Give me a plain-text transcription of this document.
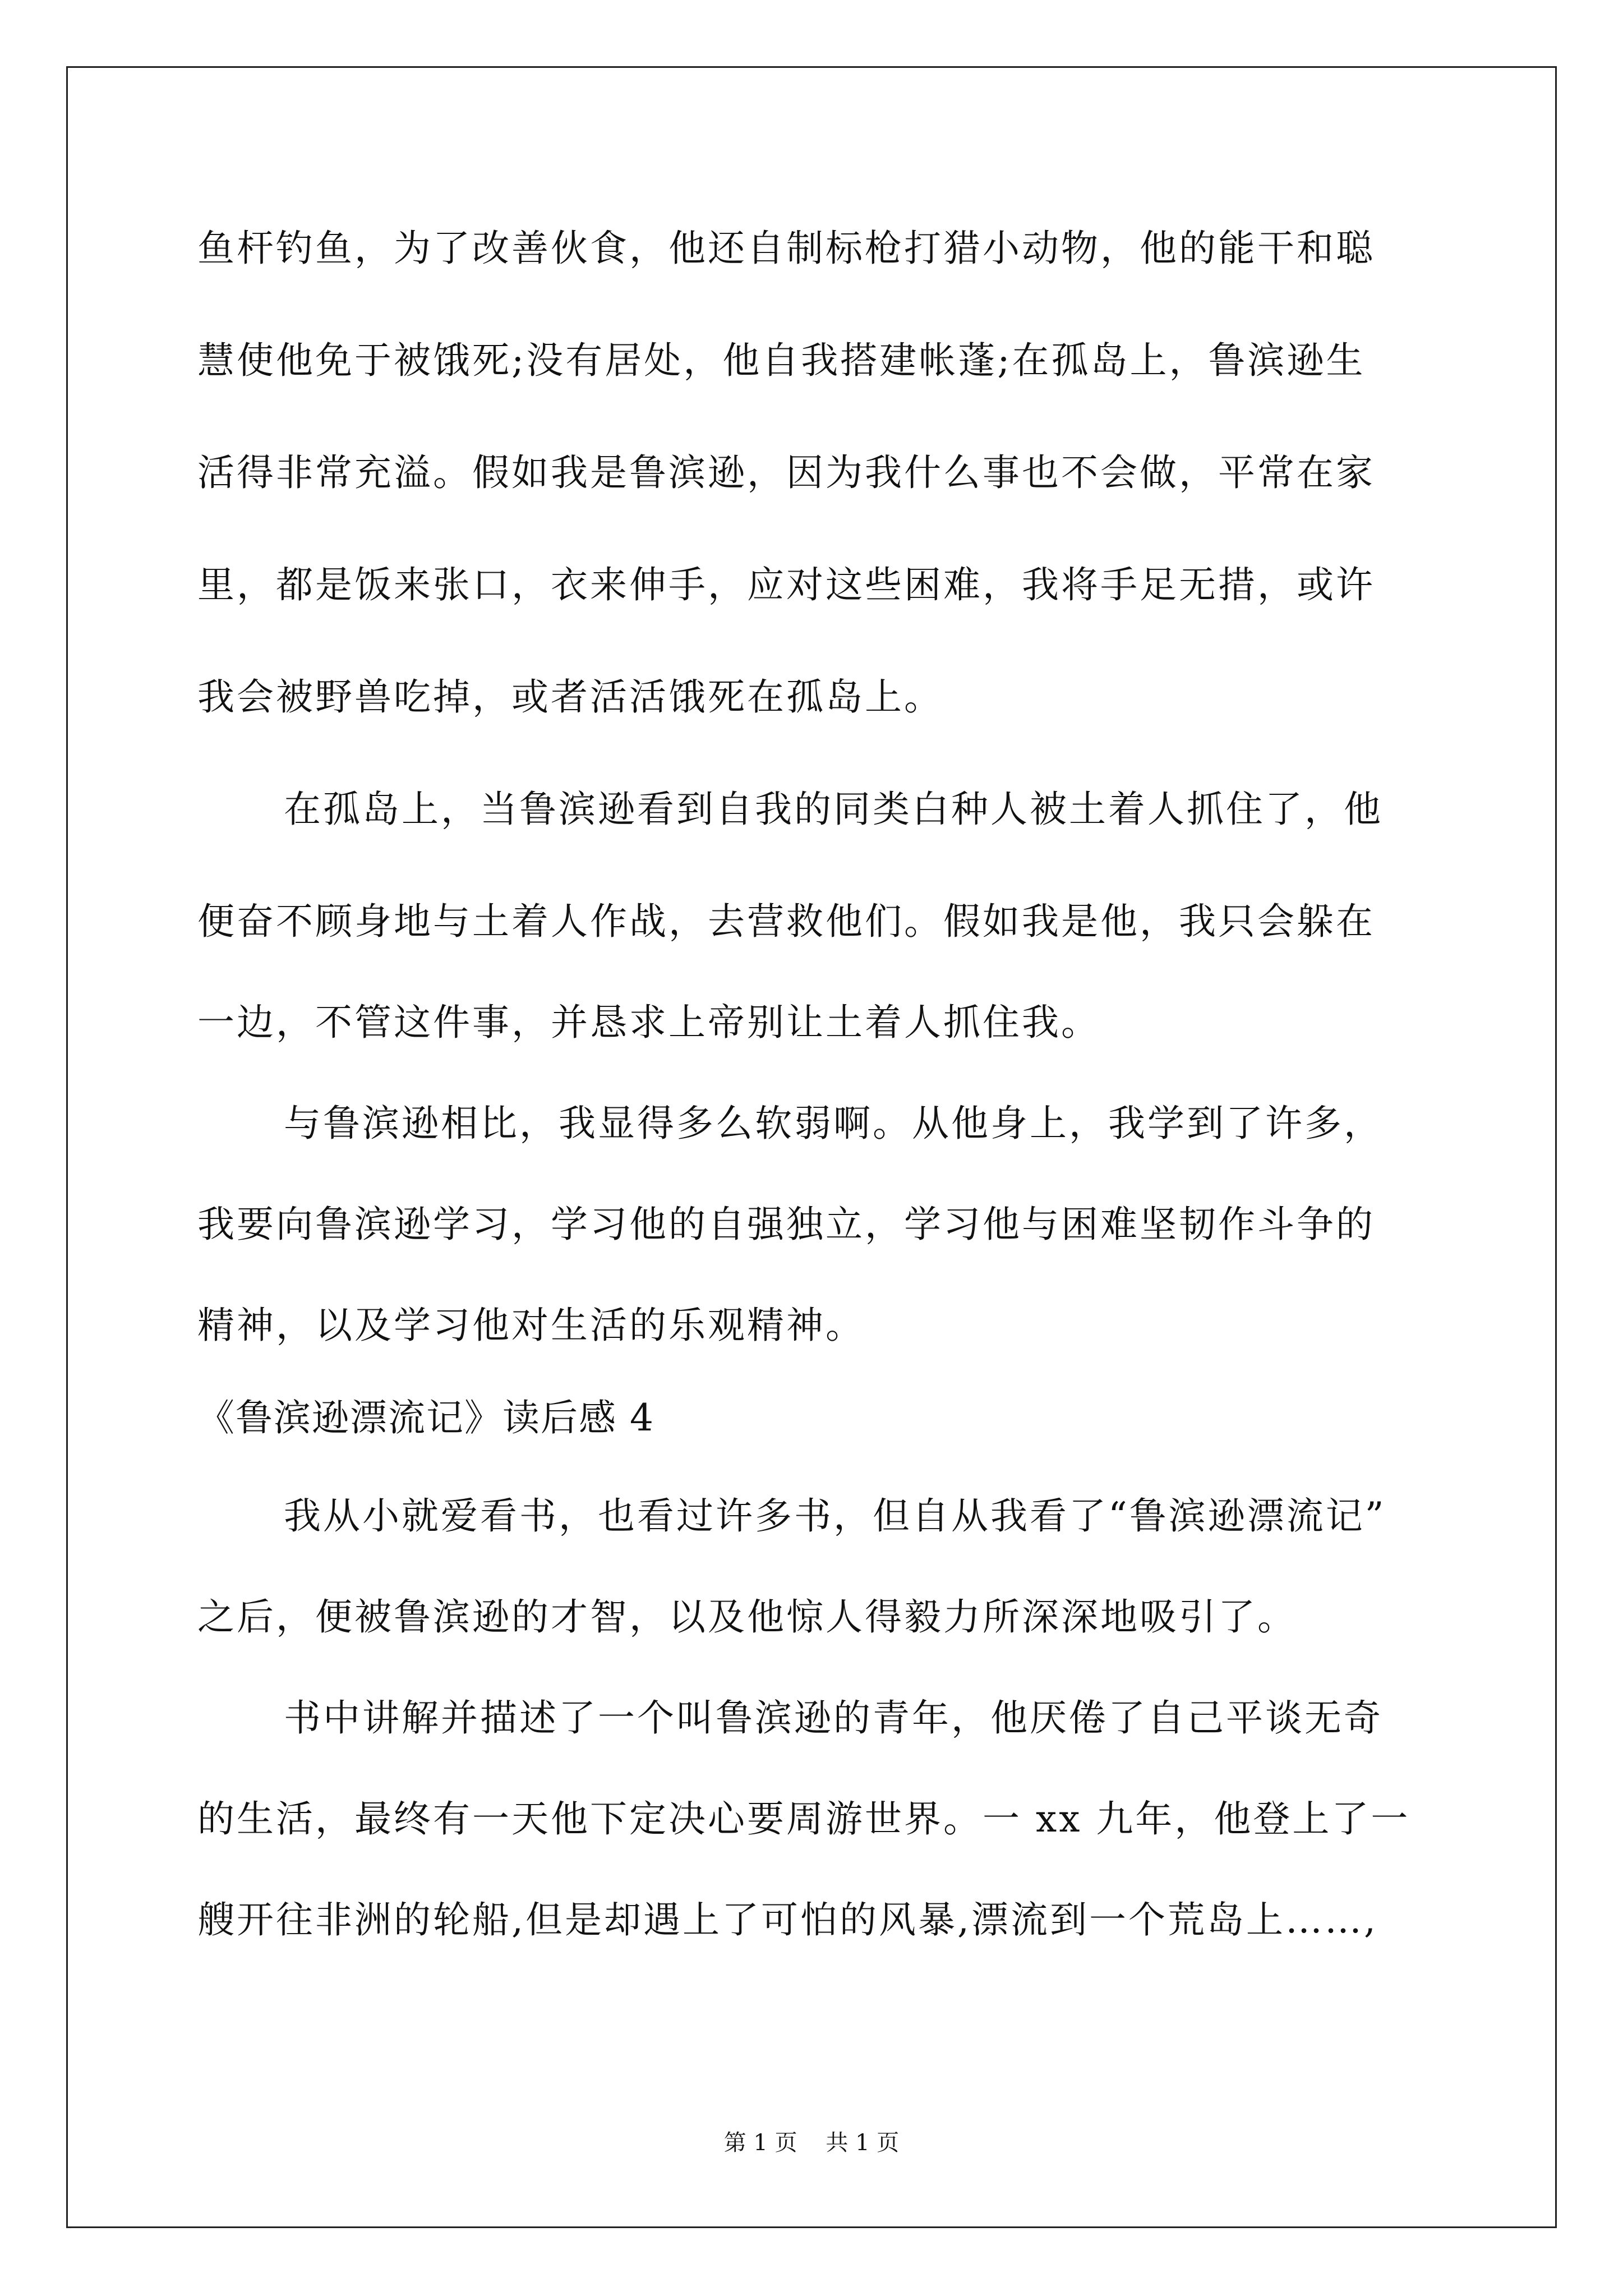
鱼杆钓鱼，为了改善伙食，他还自制标枪打猎小动物，他的能干和聪
慧使他免于被饿死;没有居处，他自我搭建帐蓬;在孤岛上，鲁滨逊生
活得非常充溢。假如我是鲁滨逊，因为我什么事也不会做，平常在家
里，都是饭来张口，衣来伸手，应对这些困难，我将手足无措，或许
我会被野兽吃掉，或者活活饿死在孤岛上。
在孤岛上，当鲁滨逊看到自我的同类白种人被土着人抓住了，他
便奋不顾身地与土着人作战，去营救他们。假如我是他，我只会躲在
一边，不管这件事，并恳求上帝别让土着人抓住我。
与鲁滨逊相比，我显得多么软弱啊。从他身上，我学到了许多，
我要向鲁滨逊学习，学习他的自强独立，学习他与困难坚韧作斗争的
精神，以及学习他对生活的乐观精神。
《鲁滨逊漂流记》读后感 4
我从小就爱看书，也看过许多书，但自从我看了“鲁滨逊漂流记”
之后，便被鲁滨逊的才智，以及他惊人得毅力所深深地吸引了。
书中讲解并描述了一个叫鲁滨逊的青年，他厌倦了自己平谈无奇
的生活，最终有一天他下定决心要周游世界。一 xx 九年，他登上了一
艘开往非洲的轮船,但是却遇上了可怕的风暴,漂流到一个荒岛上……,
第 1 页    共 1 页
